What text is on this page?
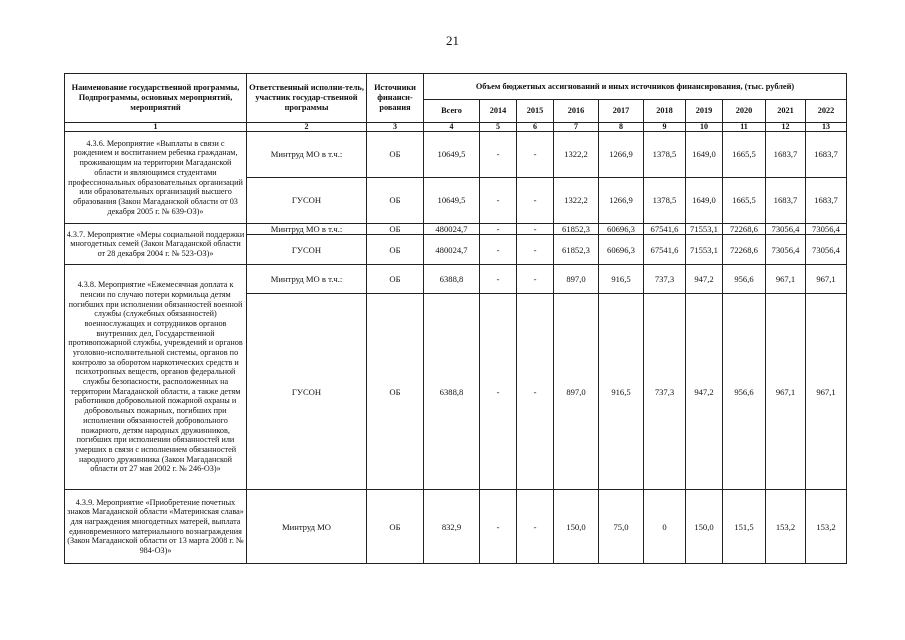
21
Наименование государственной программы, Подпрограммы, основных мероприятий, мероприятий	Ответственный исполни-тель, участник государ-ственной программы	Источники финанси-рования	Объем бюджетных ассигнований и иных источников финансирования, (тыс. рублей)									
			Всего	2014	2015	2016	2017	2018	2019	2020	2021	2022
1	2	3	4	5	6	7	8	9	10	11	12	13
4.3.6. Мероприятие «Выплаты в связи с рождением и воспитанием ребенка гражданам, проживающим на территории Магаданской области и являющимся студентами профессиональных образовательных организаций или образовательных организаций высшего образования (Закон Магаданской области от 03 декабря 2005 г. № 639-ОЗ)»	Минтруд МО в т.ч.:	ОБ	10649,5	-	-	1322,2	1266,9	1378,5	1649,0	1665,5	1683,7	1683,7
	ГУСОН	ОБ	10649,5	-	-	1322,2	1266,9	1378,5	1649,0	1665,5	1683,7	1683,7
4.3.7. Мероприятие «Меры социальной поддержки многодетных семей (Закон Магаданской области от 28 декабря 2004 г. № 523-ОЗ)»	Минтруд МО в т.ч.:	ОБ	480024,7	-	-	61852,3	60696,3	67541,6	71553,1	72268,6	73056,4	73056,4
	ГУСОН	ОБ	480024,7	-	-	61852,3	60696,3	67541,6	71553,1	72268,6	73056,4	73056,4
4.3.8. Мероприятие «Ежемесячная доплата к пенсии по случаю потери кормильца детям погибших при исполнении обязанностей военной службы (служебных обязанностей) военнослужащих и сотрудников органов внутренних дел, Государственной противопожарной службы, учреждений и органов уголовно-исполнительной системы, органов по контролю за оборотом наркотических средств и психотропных веществ, органов федеральной службы безопасности, расположенных на территории Магаданской области, а также детям работников добровольной пожарной охраны и добровольных пожарных, погибших при исполнении обязанностей добровольного пожарного, детям народных дружинников, погибших при исполнении обязанностей или умерших в связи с исполнением обязанностей народного дружинника (Закон Магаданской области от 27 мая 2002 г. № 246-ОЗ)»	Минтруд МО в т.ч.:	ОБ	6388,8	-	-	897,0	916,5	737,3	947,2	956,6	967,1	967,1
	ГУСОН	ОБ	6388,8	-	-	897,0	916,5	737,3	947,2	956,6	967,1	967,1
4.3.9. Мероприятие «Приобретение почетных знаков Магаданской области «Материнская слава» для награждения многодетных матерей, выплата единовременного материального вознаграждения (Закон Магаданской области от 13 марта 2008 г. № 984-ОЗ)»	Минтруд МО	ОБ	832,9	-	-	150,0	75,0	0	150,0	151,5	153,2	153,2
